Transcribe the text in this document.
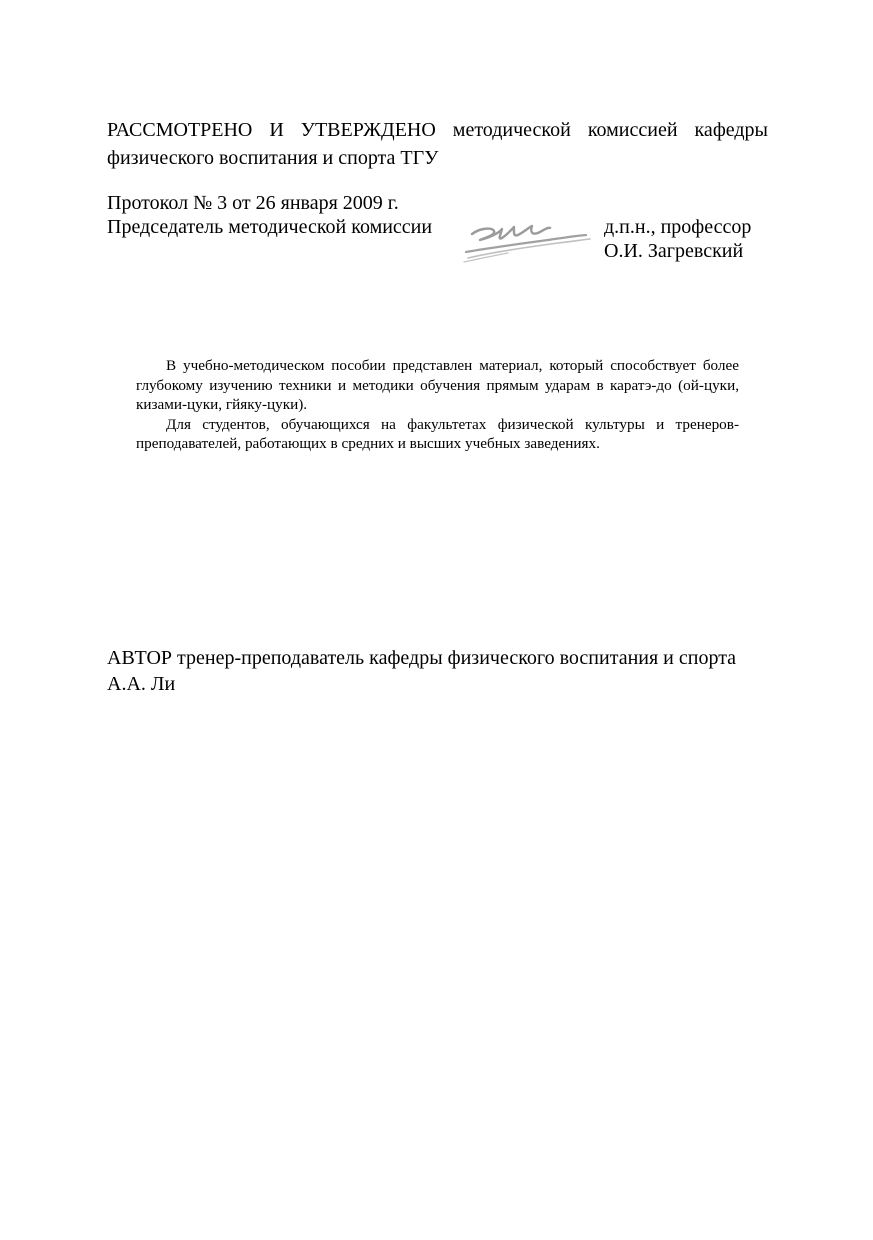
РАССМОТРЕНО И УТВЕРЖДЕНО методической комиссией кафедры физического воспитания и спорта ТГУ

Протокол № 3 от 26 января 2009 г.
Председатель методической комиссии	д.п.н., профессор
О.И. Загревский

В учебно-методическом пособии представлен материал, который способствует более глубокому изучению техники и методики обучения прямым ударам в каратэ-до (ой-цуки, кизами-цуки, гйяку-цуки).

Для студентов, обучающихся на факультетах физической культуры и тренеров-преподавателей, работающих в средних и высших учебных заведениях.

АВТОР тренер-преподаватель кафедры физического воспитания и спорта

А.А. Ли
